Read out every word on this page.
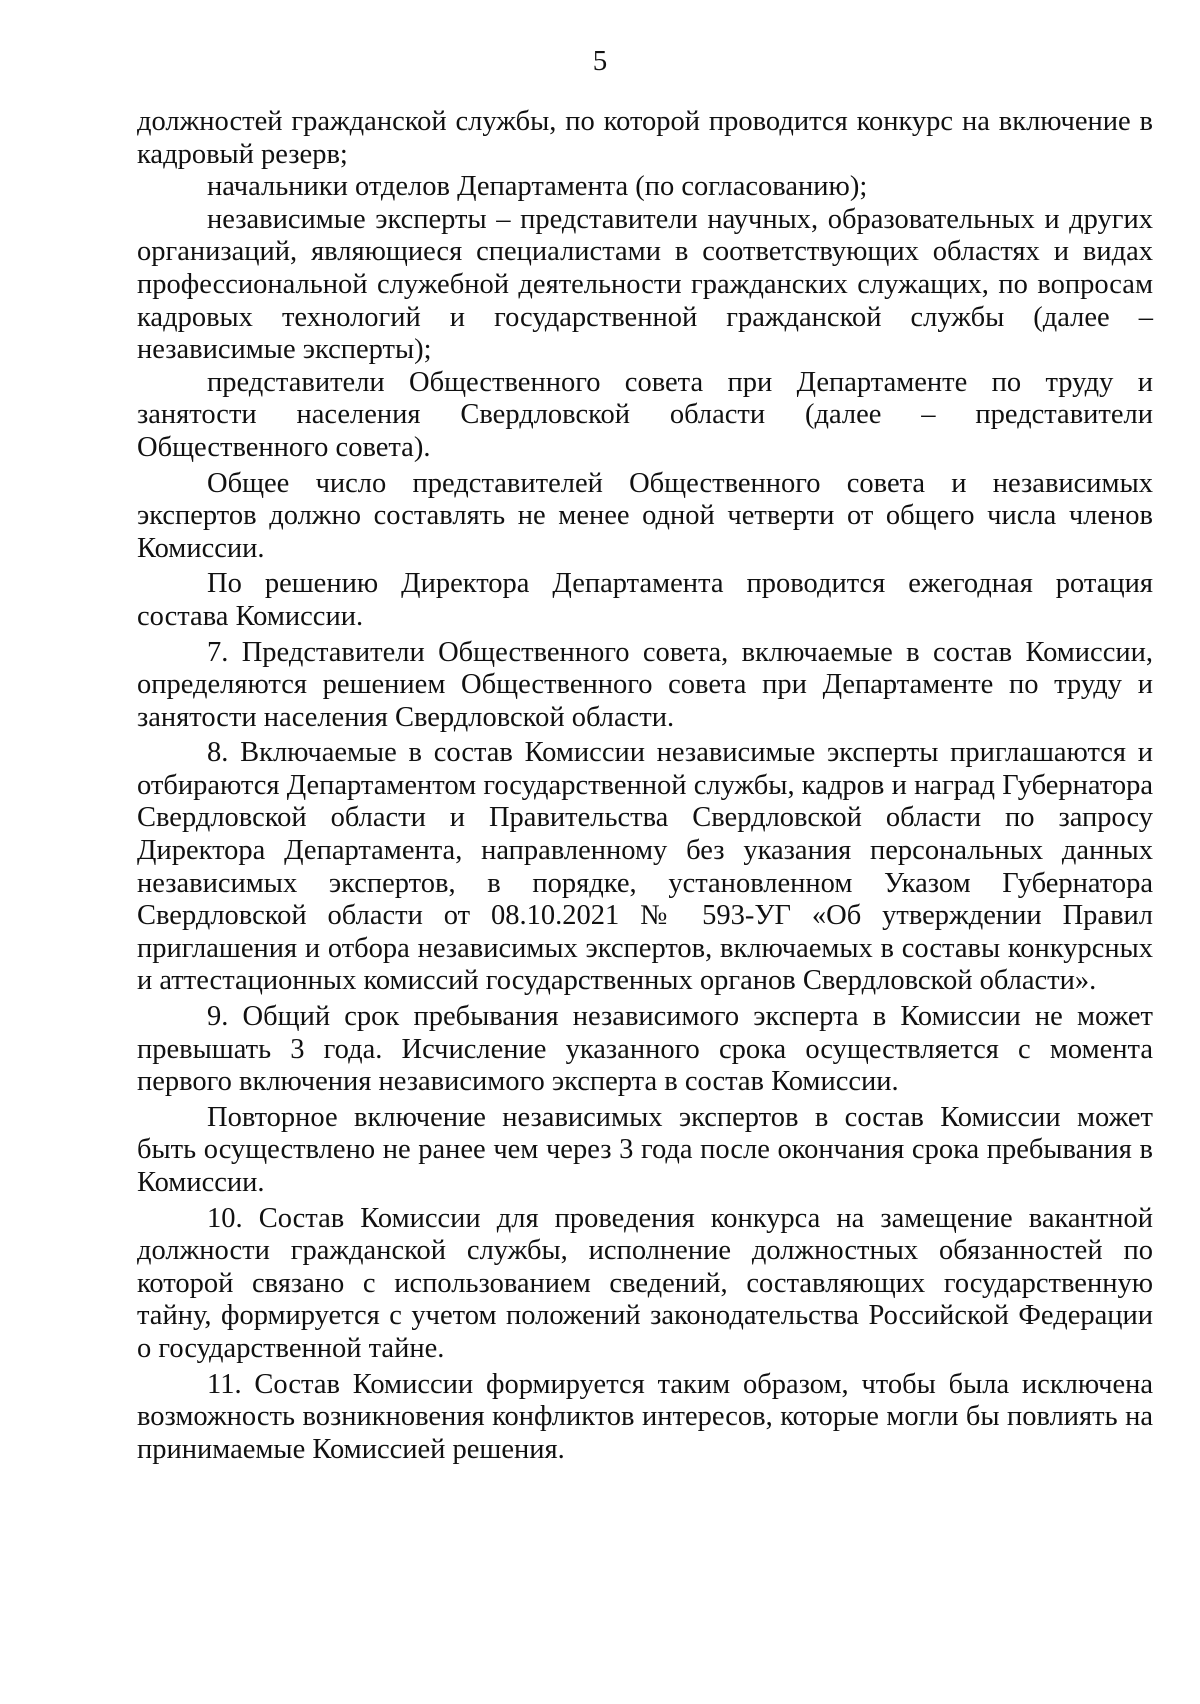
5

должностей гражданской службы, по которой проводится конкурс на включение в кадровый резерв;

начальники отделов Департамента (по согласованию);

независимые эксперты – представители научных, образовательных и других организаций, являющиеся специалистами в соответствующих областях и видах профессиональной служебной деятельности гражданских служащих, по вопросам кадровых технологий и государственной гражданской службы (далее – независимые эксперты);

представители Общественного совета при Департаменте по труду и занятости населения Свердловской области (далее – представители Общественного совета).

Общее число представителей Общественного совета и независимых экспертов должно составлять не менее одной четверти от общего числа членов Комиссии.

По решению Директора Департамента проводится ежегодная ротация состава Комиссии.

7. Представители Общественного совета, включаемые в состав Комиссии, определяются решением Общественного совета при Департаменте по труду и занятости населения Свердловской области.

8. Включаемые в состав Комиссии независимые эксперты приглашаются и отбираются Департаментом государственной службы, кадров и наград Губернатора Свердловской области и Правительства Свердловской области по запросу Директора Департамента, направленному без указания персональных данных независимых экспертов, в порядке, установленном Указом Губернатора Свердловской области от 08.10.2021 № 593-УГ «Об утверждении Правил приглашения и отбора независимых экспертов, включаемых в составы конкурсных и аттестационных комиссий государственных органов Свердловской области».

9. Общий срок пребывания независимого эксперта в Комиссии не может превышать 3 года. Исчисление указанного срока осуществляется с момента первого включения независимого эксперта в состав Комиссии.

Повторное включение независимых экспертов в состав Комиссии может быть осуществлено не ранее чем через 3 года после окончания срока пребывания в Комиссии.

10. Состав Комиссии для проведения конкурса на замещение вакантной должности гражданской службы, исполнение должностных обязанностей по которой связано с использованием сведений, составляющих государственную тайну, формируется с учетом положений законодательства Российской Федерации о государственной тайне.

11. Состав Комиссии формируется таким образом, чтобы была исключена возможность возникновения конфликтов интересов, которые могли бы повлиять на принимаемые Комиссией решения.
